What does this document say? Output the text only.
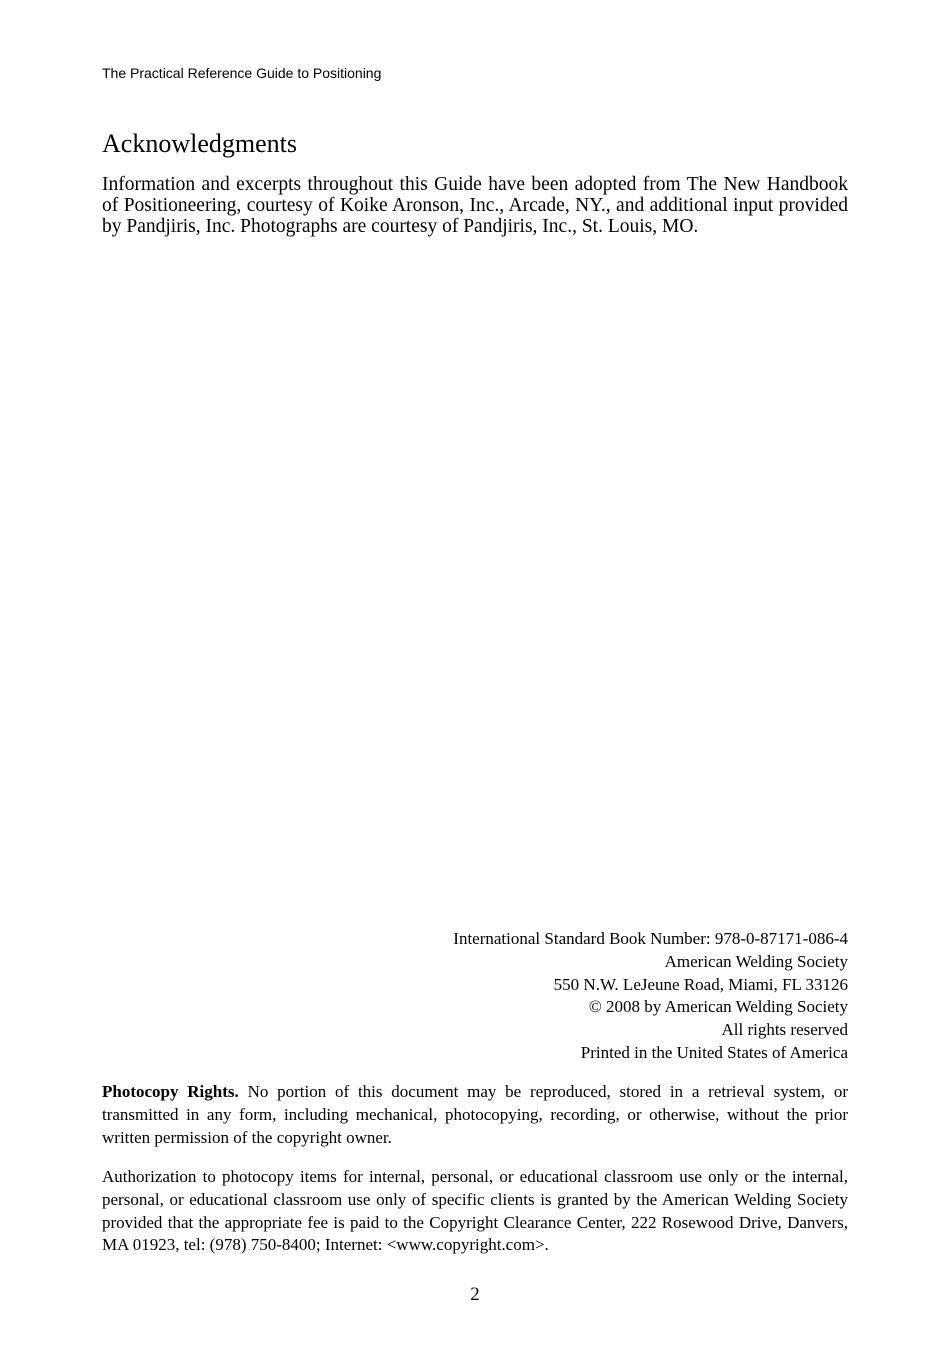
The Practical Reference Guide to Positioning
Acknowledgments

Information and excerpts throughout this Guide have been adopted from The New Handbook of Positioneering, courtesy of Koike Aronson, Inc., Arcade, NY., and additional input provided by Pandjiris, Inc. Photographs are courtesy of Pandjiris, Inc., St. Louis, MO.

International Standard Book Number: 978-0-87171-086-4
American Welding Society
550 N.W. LeJeune Road, Miami, FL 33126
© 2008 by American Welding Society
All rights reserved
Printed in the United States of America

Photocopy Rights. No portion of this document may be reproduced, stored in a retrieval system, or transmitted in any form, including mechanical, photocopying, recording, or otherwise, without the prior written permission of the copyright owner.

Authorization to photocopy items for internal, personal, or educational classroom use only or the internal, personal, or educational classroom use only of specific clients is granted by the American Welding Society provided that the appropriate fee is paid to the Copyright Clearance Center, 222 Rosewood Drive, Danvers, MA 01923, tel: (978) 750-8400; Internet: <www.copyright.com>.

2
